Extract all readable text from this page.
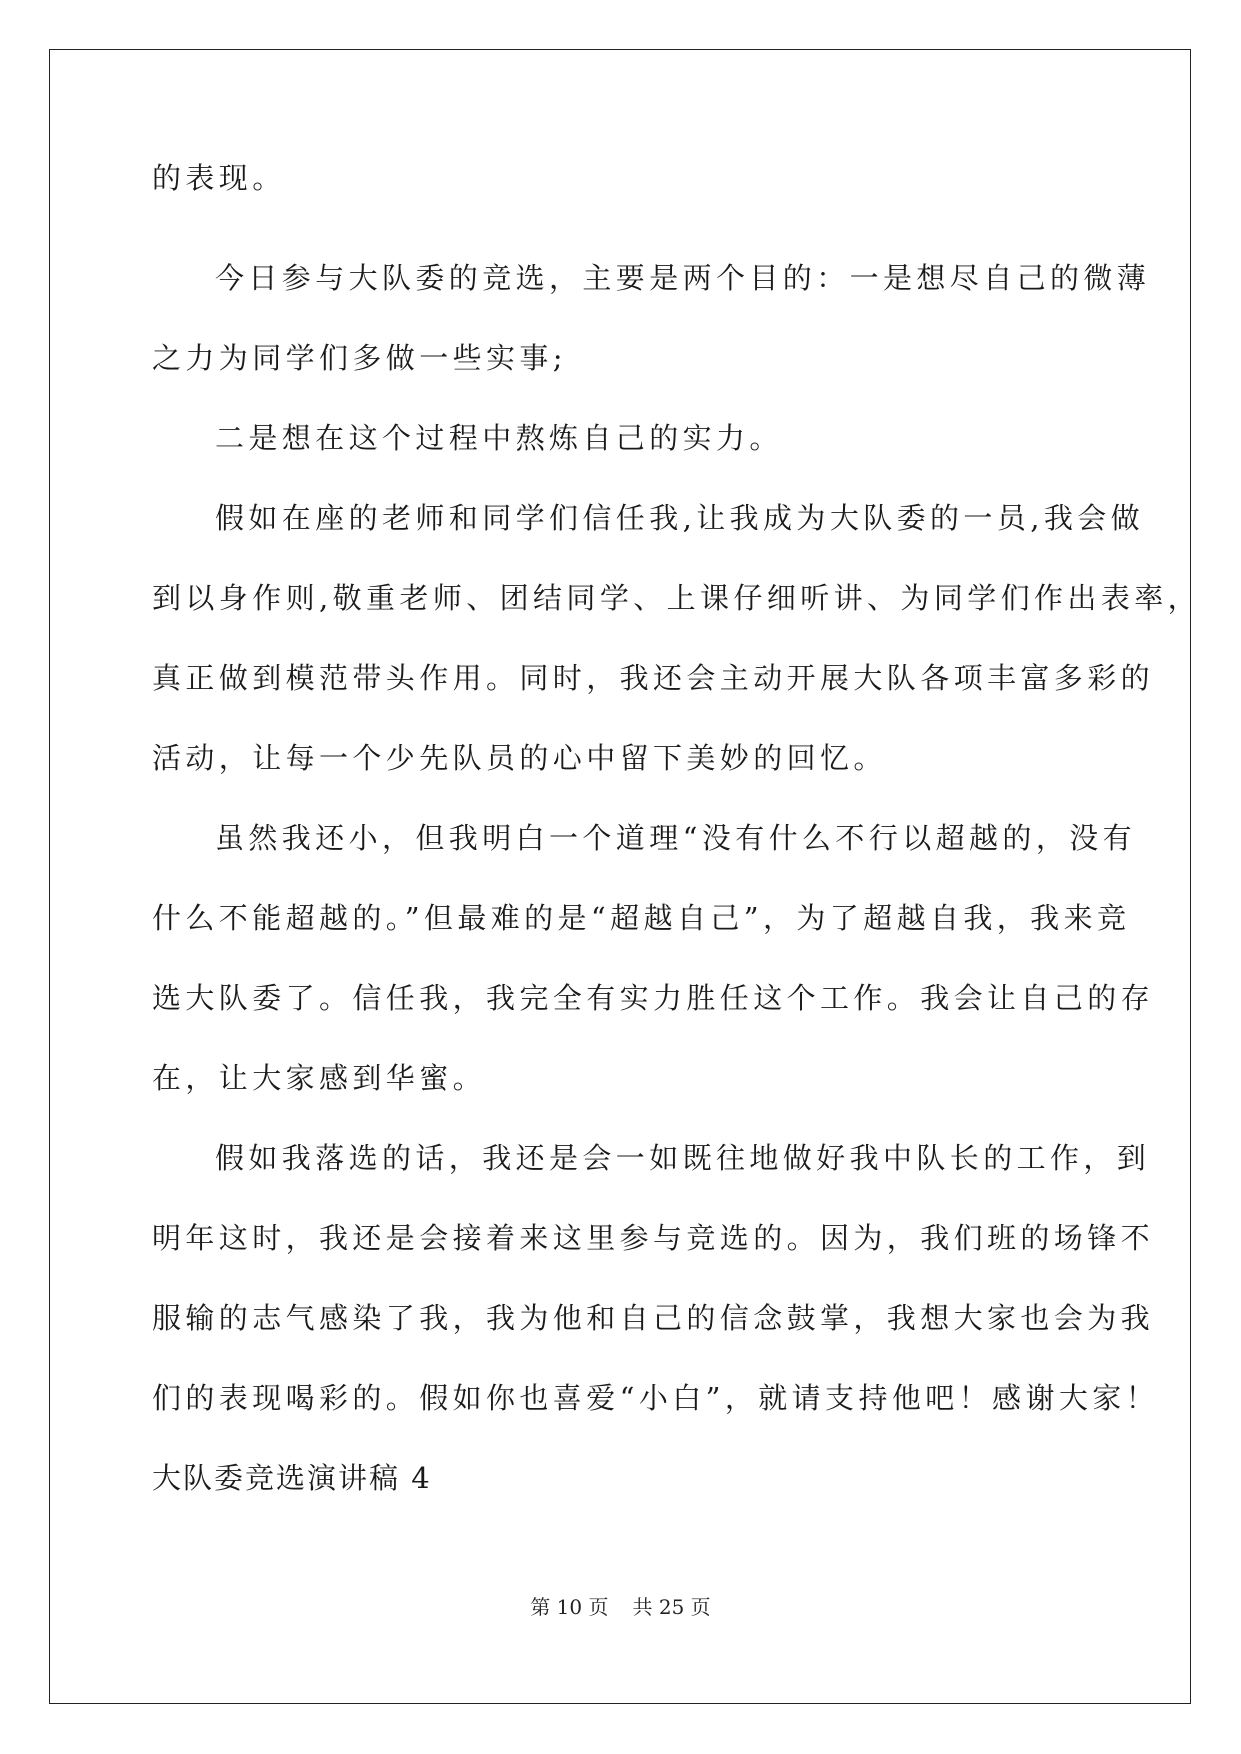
的表现。
今日参与大队委的竞选，主要是两个目的：一是想尽自己的微薄
之力为同学们多做一些实事;
二是想在这个过程中熬炼自己的实力。
假如在座的老师和同学们信任我,让我成为大队委的一员,我会做
到以身作则,敬重老师、团结同学、上课仔细听讲、为同学们作出表率，
真正做到模范带头作用。同时，我还会主动开展大队各项丰富多彩的
活动，让每一个少先队员的心中留下美妙的回忆。
虽然我还小，但我明白一个道理“没有什么不行以超越的，没有
什么不能超越的。”但最难的是“超越自己”，为了超越自我，我来竞
选大队委了。信任我，我完全有实力胜任这个工作。我会让自己的存
在，让大家感到华蜜。
假如我落选的话，我还是会一如既往地做好我中队长的工作，到
明年这时，我还是会接着来这里参与竞选的。因为，我们班的场锋不
服输的志气感染了我，我为他和自己的信念鼓掌，我想大家也会为我
们的表现喝彩的。假如你也喜爱“小白”，就请支持他吧！感谢大家！
大队委竞选演讲稿 4
第 10 页 共 25 页
